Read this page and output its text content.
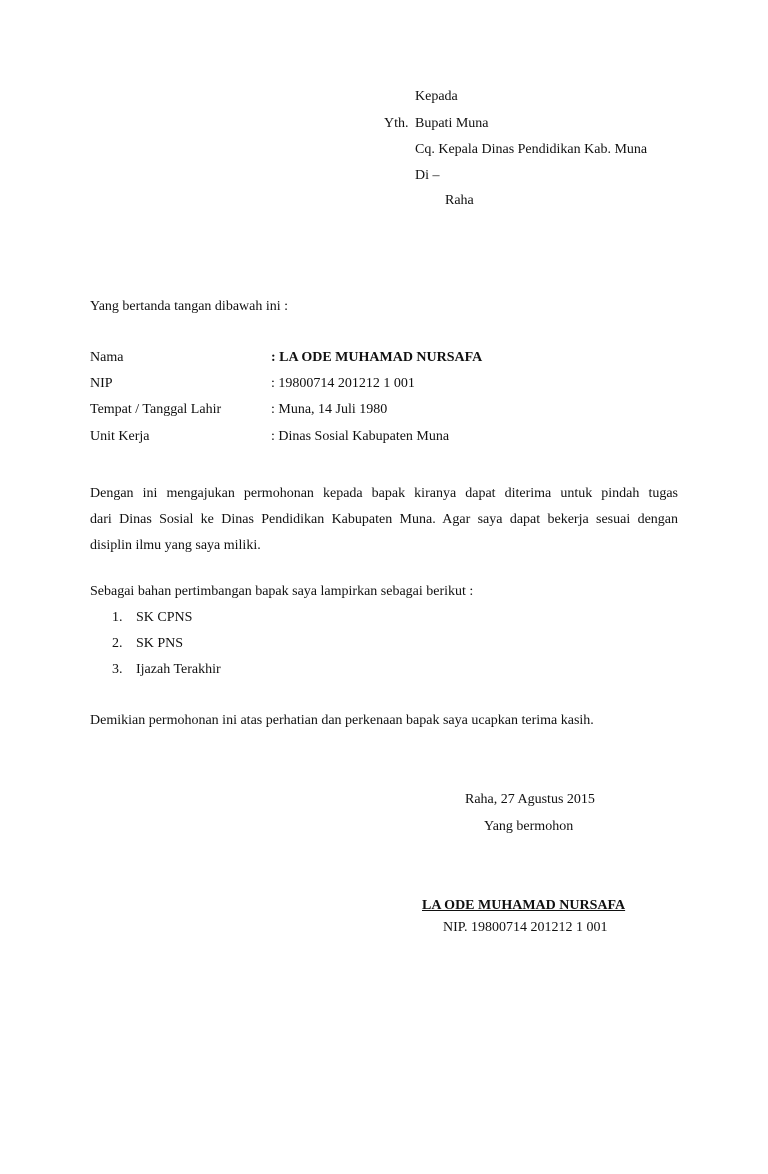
Kepada
Yth. Bupati Muna
Cq. Kepala Dinas Pendidikan Kab. Muna
Di –
Raha
Yang bertanda tangan dibawah ini :
Nama	: LA ODE MUHAMAD NURSAFA
NIP	: 19800714 201212 1 001
Tempat / Tanggal Lahir	: Muna, 14 Juli 1980
Unit Kerja	: Dinas Sosial Kabupaten Muna
Dengan ini mengajukan permohonan kepada bapak kiranya dapat diterima untuk pindah tugas
dari Dinas Sosial ke Dinas Pendidikan Kabupaten Muna. Agar saya dapat bekerja sesuai dengan
disiplin ilmu yang saya miliki.
Sebagai bahan pertimbangan bapak saya lampirkan sebagai berikut :
1. SK CPNS
2. SK PNS
3. Ijazah Terakhir
Demikian permohonan ini atas perhatian dan perkenaan bapak saya ucapkan terima kasih.
Raha, 27 Agustus 2015
Yang bermohon
LA ODE MUHAMAD NURSAFA
NIP. 19800714 201212 1 001
